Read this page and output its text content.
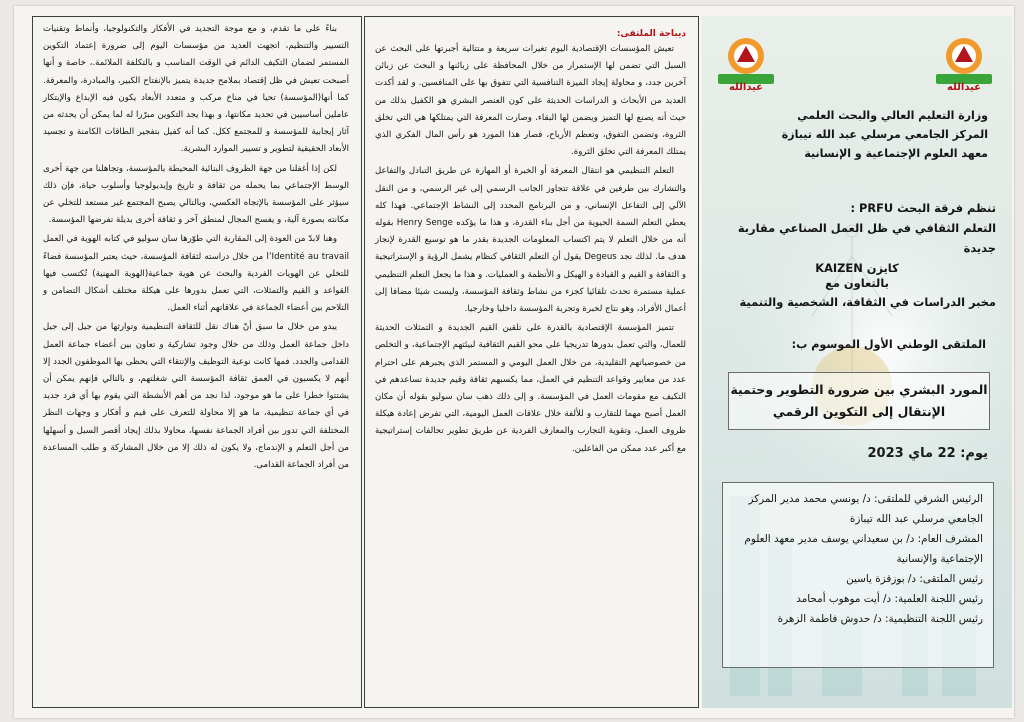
بناءً على ما تقدم، و مع موجة التجديد في الأفكار والتكنولوجيا، وأنماط وتقنيات التسيير والتنظيم، اتجهت العديد من مؤسسات اليوم إلى ضرورة إعتماد التكوين المستمر لضمان التكيف الدائم في الوقت المناسب و بالتكلفة الملائمة.، خاصة و أنها أصبحت تعيش في ظل إقتصاد بملامح جديدة يتميز بالإنفتاح الكبير، والمبادرة، والمعرفة. كما أنها(المؤسسة) تحيا في مناخ مركب و متعدد الأبعاد يكون فيه الإبداع والإبتكار عاملين أساسيين في تحديد مكانتها، و بهذا يجد التكوين مبرّرا له لما يمكن أن يحدثه من آثار إيجابية للمؤسسة و للمجتمع ككل. كما أنه كفيل بتفجير الطاقات الكامنة و تجسيد الأبعاد الحقيقية لتطوير و تسيير الموارد البشرية.

لكن إذا أغفلنا من جهة الظروف البنائية المحيطة بالمؤسسة، وتجاهلنا من جهة أخرى الوسط الإجتماعي بما يحمله من ثقافة و تاريخ وإيديولوجيا وأسلوب حياة، فإن ذلك سيؤثر على المؤسسة بالإتجاه العكسي، وبالتالي يصبح المجتمع غير مستعد للتخلي عن مكانته بصورة آلية، و يفسح المجال لمنطق آخر و ثقافة أخرى بديلة تفرضها المؤسسة.

وهنا لابدّ من العودة إلى المقاربة التي طوّرها سان سوليو في كتابه الهوية في العمل l’Identité au travail من خلال دراسته لثقافة المؤسسة، حيث يعتبر المؤسسة فضاءً للتخلي عن الهويات الفردية والبحث عن هوية جماعية(الهوية المهنية) تُكتسب فيها القواعد و القيم والتمثلات، التي تعمل بدورها على هيكلة مختلف أشكال التضامن و التلاحم بين أعضاء الجماعة في علاقاتهم أثناء العمل.

يبدو من خلال ما سبق أنّ هناك نقل للثقافة التنظيمية وتوارثها من جيل إلى جيل داخل جماعة العمل وذلك من خلال وجود تشاركية و تعاون بين أعضاء جماعة العمل القدامى والجدد. فمها كانت نوعية التوظيف والإنتقاء التي يحظى بها الموظفون الجدد إلا أنهم لا يكسبون في العمق ثقافة المؤسسة التي شغلتهم، و بالتالي فإنهم يمكن أن يشتتوا خطرا على ما هو موجود، لذا نجد من أهم الأنشطة التي يقوم بها أي فرد جديد في أي جماعة تنظيمية، ما هو إلا محاولة للتعرف على قيم و أفكار و وجهات النظر المختلفة التي تدور بين أفراد الجماعة نفسها، محاولا بذلك إيجاد أقصر السبل و أسهلها من أجل التعلم و الإندماج، ولا يكون له ذلك إلا من خلال المشاركة و طلب المساعدة من أفراد الجماعة القدامى.

ديباجة الملتقى:

تعيش المؤسسات الإقتصادية اليوم تغيرات سريعة و متتالية أجبرتها على البحث عن السبل التي تضمن لها الإستمرار من خلال المحافظة على زبائنها و البحث عن زبائن آخرين جدد، و محاولة إيجاد الميزة التنافسية التي تتفوق بها على المنافسين. و لقد أكدت العديد من الأبحاث و الدراسات الحديثة على كون العنصر البشري هو الكفيل بذلك من حيث أنه يصنع لها التميز ويضمن لها البقاء. وصارت المعرفة التي يمتلكها هي التي تخلق الثروة، وتضمن التفوق، وتعظم الأرباح، فصار هذا المورد هو رأس المال الفكري الذي يمتلك المعرفة التي تخلق الثروة.

التعلم التنظيمي هو انتقال المعرفة أو الخبرة أو المهارة عن طريق التبادل والتفاعل والتشارك بين طرفين في علاقة تتجاوز الجانب الرسمي إلى غير الرسمي، و من النقل الآلي إلى التفاعل الإنساني، و من البرنامج المحدد إلى النشاط الإجتماعي. فهذا كله يعطي التعلم السمة الحيوية من أجل بناء القدرة، و هذا ما يؤكده Henry Senge بقوله أنه من خلال التعلم لا يتم اكتساب المعلومات الجديدة بقدر ما هو توسيع القدرة لإنجاز هدف ما. لذلك نجد Degeus يقول أن التعلم الثقافي كنظام يشمل الرؤية و الإستراتيجية و الثقافة و القيم و القيادة و الهيكل و الأنظمة و العمليات. و هذا ما يجعل التعلم التنظيمي عملية مستمرة تحدث تلقائيا كجزء من نشاط وثقافة المؤسسة، وليست شيئا مضافا إلى أعمال الأفراد، وهو نتاج لخبرة وتجربة المؤسسة داخليا وخارجيا.

تتميز المؤسسة الإقتصادية بالقدرة على تلقين القيم الجديدة و التمثلات الحديثة للعمال، والتي تعمل بدورها تدريجيا على محو القيم الثقافية لبيئتهم الإجتماعية، و التخلص من خصوصياتهم التقليدية، من خلال العمل اليومي و المستمر الذي يجبرهم على احترام عدد من معايير وقواعد التنظيم في العمل، مما يكسبهم ثقافة وقيم جديدة تساعدهم في التكيف مع مقومات العمل في المؤسسة. و إلى ذلك ذهب سان سوليو بقوله أن مكان العمل أصبح مهما للتقارب و للألفة خلال علاقات العمل اليومية، التي تفرض إعادة هيكلة ظروف العمل، وتقوية التجارب والمعارف الفردية عن طريق تطوير تحالفات إستراتيجية مع أكبر عدد ممكن من الفاعلين.

عيدالله
عيدالله
وزارة التعليم العالي والبحث العلمي
المركز الجامعي مرسلي عبد الله تيبازة
معهد العلوم الإجتماعية و الإنسانية
تنظم فرقة البحث PRFU :
التعلم الثقافي في ظل العمل الصناعي مقاربة جديدة
كايزن KAIZEN
بالتعاون مع
مخبر الدراسات في الثقافة، الشخصية والتنمية
الملتقى الوطني الأول الموسوم ب:
المورد البشري بين ضرورة التطوير وحتمية
الإنتقال إلى التكوين الرقمي
يوم: 22 ماي 2023
الرئيس الشرفي للملتقى: د/ يونسي محمد مدير المركز الجامعي مرسلي عبد الله تيبازة
المشرف العام: د/ بن سعيداني يوسف مدير معهد العلوم الإجتماعية والإنسانية
رئيس الملتقى: د/ بوزقزة ياسين
رئيس اللجنة العلمية: د/ أيت موهوب أمحامد
رئيس اللجنة التنظيمية: د/ حدوش فاطمة الزهرة
